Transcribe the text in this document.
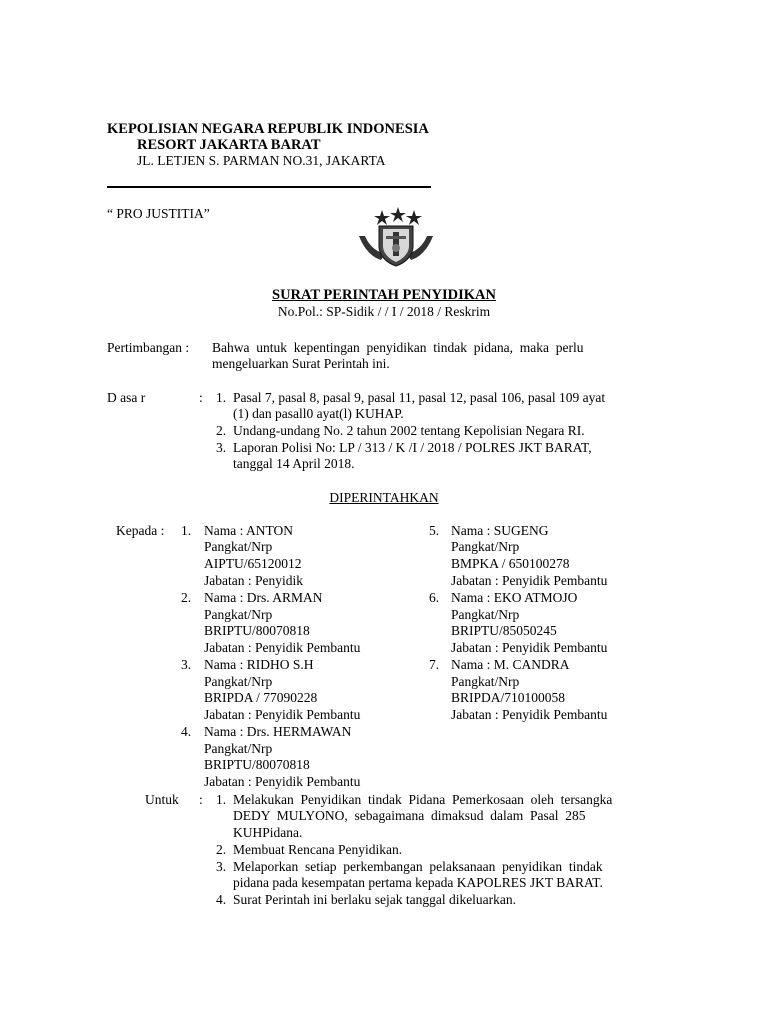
KEPOLISIAN NEGARA REPUBLIK INDONESIA
RESORT JAKARTA BARAT
JL. LETJEN S. PARMAN NO.31, JAKARTA
“ PRO JUSTITIA”
SURAT PERINTAH PENYIDIKAN
No.Pol.: SP-Sidik / / I / 2018 / Reskrim
Pertimbangan : Bahwa  untuk  kepentingan  penyidikan  tindak  pidana,  maka  perlu
mengeluarkan Surat Perintah ini.
D asa r	: 1. Pasal 7, pasal 8, pasal 9, pasal 11, pasal 12, pasal 106, pasal 109 ayat
(1) dan pasall0 ayat(l) KUHAP.
2. Undang-undang No. 2 tahun 2002 tentang Kepolisian Negara RI.
3. Laporan Polisi No: LP / 313 / K /I / 2018 / POLRES JKT BARAT,
tanggal 14 April 2018.
DIPERINTAHKAN
Kepada : 1. Nama : ANTON
Pangkat/Nrp
AIPTU/65120012
Jabatan : Penyidik
2. Nama : Drs. ARMAN
Pangkat/Nrp
BRIPTU/80070818
Jabatan : Penyidik Pembantu
3. Nama : RIDHO S.H
Pangkat/Nrp
BRIPDA / 77090228
Jabatan : Penyidik Pembantu
4. Nama : Drs. HERMAWAN
Pangkat/Nrp
BRIPTU/80070818
Jabatan : Penyidik Pembantu
5. Nama : SUGENG
Pangkat/Nrp
BMPKA / 650100278
Jabatan : Penyidik Pembantu
6. Nama : EKO ATMOJO
Pangkat/Nrp
BRIPTU/85050245
Jabatan : Penyidik Pembantu
7. Nama : M. CANDRA
Pangkat/Nrp
BRIPDA/710100058
Jabatan : Penyidik Pembantu
Untuk : 1. Melakukan  Penyidikan  tindak  Pidana  Pemerkosaan  oleh  tersangka
DEDY  MULYONO,  sebagaimana  dimaksud  dalam  Pasal  285
KUHPidana.
2. Membuat Rencana Penyidikan.
3. Melaporkan  setiap  perkembangan  pelaksanaan  penyidikan  tindak
pidana pada kesempatan pertama kepada KAPOLRES JKT BARAT.
4. Surat Perintah ini berlaku sejak tanggal dikeluarkan.
